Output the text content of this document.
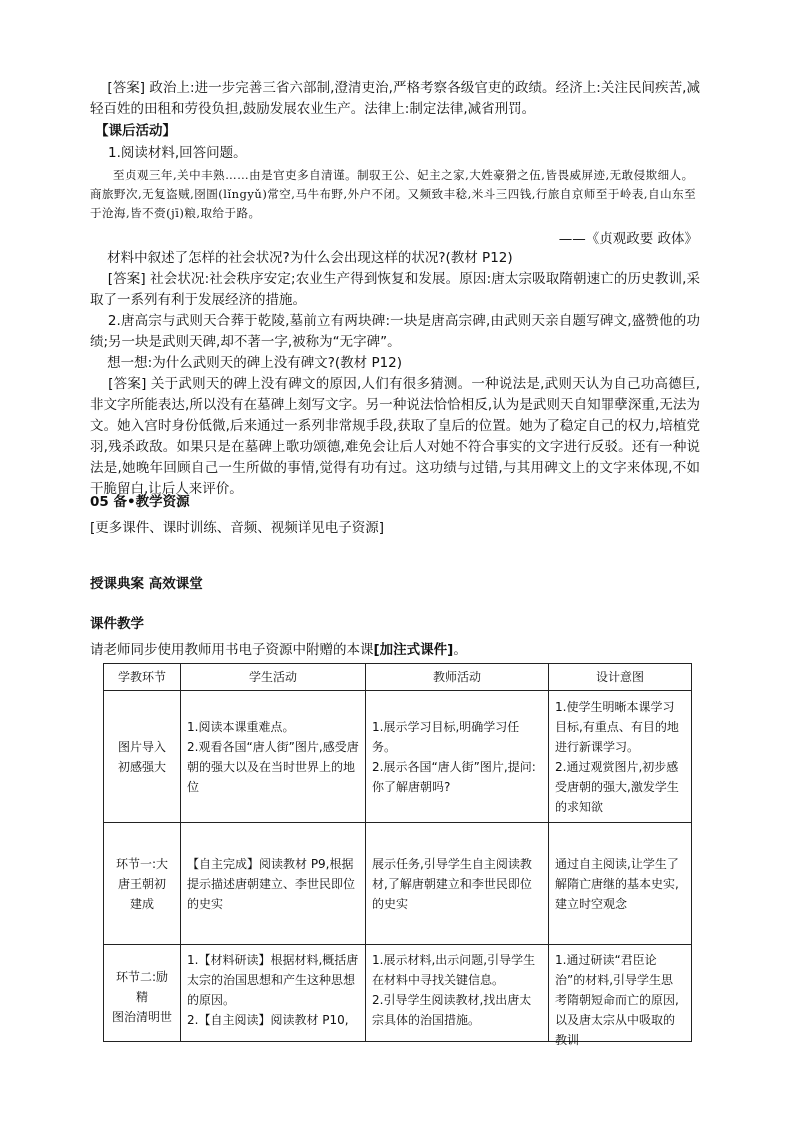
[答案] 政治上:进一步完善三省六部制,澄清吏治,严格考察各级官吏的政绩。经济上:关注民间疾苦,减轻百姓的田租和劳役负担,鼓励发展农业生产。法律上:制定法律,减省刑罚。

【课后活动】

1.阅读材料,回答问题。

至贞观三年,关中丰熟……由是官吏多自清谨。制驭王公、妃主之家,大姓豪猾之伍,皆畏威屏迹,无敢侵欺细人。商旅野次,无复盗贼,囹圄(lǐngyǔ)常空,马牛布野,外户不闭。又频致丰稔,米斗三四钱,行旅自京师至于岭表,自山东至于沧海,皆不赍(jī)粮,取给于路。

——《贞观政要 政体》

材料中叙述了怎样的社会状况?为什么会出现这样的状况?(教材 P12)

[答案] 社会状况:社会秩序安定;农业生产得到恢复和发展。原因:唐太宗吸取隋朝速亡的历史教训,采取了一系列有利于发展经济的措施。

2.唐高宗与武则天合葬于乾陵,墓前立有两块碑:一块是唐高宗碑,由武则天亲自题写碑文,盛赞他的功绩;另一块是武则天碑,却不著一字,被称为“无字碑”。

想一想:为什么武则天的碑上没有碑文?(教材 P12)

[答案] 关于武则天的碑上没有碑文的原因,人们有很多猜测。一种说法是,武则天认为自己功高德巨,非文字所能表达,所以没有在墓碑上刻写文字。另一种说法恰恰相反,认为是武则天自知罪孽深重,无法为文。她入宫时身份低微,后来通过一系列非常规手段,获取了皇后的位置。她为了稳定自己的权力,培植党羽,残杀政敌。如果只是在墓碑上歌功颂德,难免会让后人对她不符合事实的文字进行反驳。还有一种说法是,她晚年回顾自己一生所做的事情,觉得有功有过。这功绩与过错,与其用碑文上的文字来体现,不如干脆留白,让后人来评价。

05 备•教学资源
[更多课件、课时训练、音频、视频详见电子资源]
授课典案 高效课堂
课件教学
请老师同步使用教师用书电子资源中附赠的本课[加注式课件]。
学教环节	学生活动	教师活动	设计意图

图片导入
初感强大	1.阅读本课重难点。
2.观看各国“唐人街”图片,感受唐朝的强大以及在当时世界上的地位	1.展示学习目标,明确学习任务。
2.展示各国“唐人街”图片,提问:你了解唐朝吗?	1.使学生明晰本课学习目标,有重点、有目的地进行新课学习。
2.通过观赏图片,初步感受唐朝的强大,激发学生的求知欲

环节一:大
唐王朝初
建成	【自主完成】阅读教材 P9,根据提示描述唐朝建立、李世民即位的史实	展示任务,引导学生自主阅读教材,了解唐朝建立和李世民即位的史实	通过自主阅读,让学生了解隋亡唐继的基本史实,建立时空观念

环节二:励精
图治清明世	1.【材料研读】根据材料,概括唐太宗的治国思想和产生这种思想的原因。
2.【自主阅读】阅读教材 P10,	1.展示材料,出示问题,引导学生在材料中寻找关键信息。
2.引导学生阅读教材,找出唐太宗具体的治国措施。	1.通过研读“君臣论治”的材料,引导学生思考隋朝短命而亡的原因,以及唐太宗从中吸取的教训
